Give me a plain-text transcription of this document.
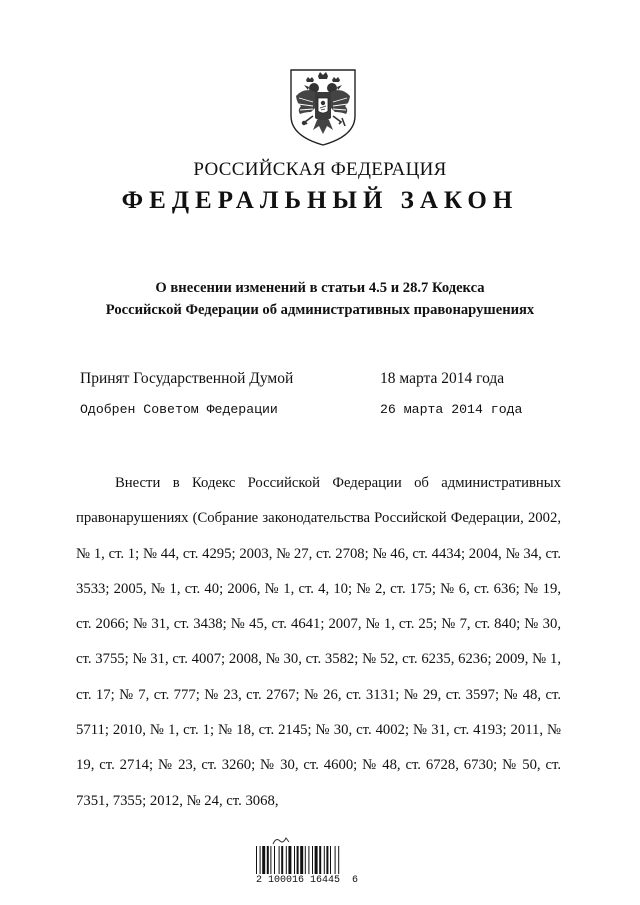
РОССИЙСКАЯ ФЕДЕРАЦИЯ
ФЕДЕРАЛЬНЫЙ ЗАКОН
О внесении изменений в статьи 4.5 и 28.7 Кодекса
Российской Федерации об административных правонарушениях
Принят Государственной Думой	18 марта 2014 года
Одобрен Советом Федерации	26 марта 2014 года

Внести в Кодекс Российской Федерации об административных правонарушениях (Собрание законодательства Российской Федерации, 2002, № 1, ст. 1; № 44, ст. 4295; 2003, № 27, ст. 2708; № 46, ст. 4434; 2004, № 34, ст. 3533; 2005, № 1, ст. 40; 2006, № 1, ст. 4, 10; № 2, ст. 175; № 6, ст. 636; № 19, ст. 2066; № 31, ст. 3438; № 45, ст. 4641; 2007, № 1, ст. 25; № 7, ст. 840; № 30, ст. 3755; № 31, ст. 4007; 2008, № 30, ст. 3582; № 52, ст. 6235, 6236; 2009, № 1, ст. 17; № 7, ст. 777; № 23, ст. 2767; № 26, ст. 3131; № 29, ст. 3597; № 48, ст. 5711; 2010, № 1, ст. 1; № 18, ст. 2145; № 30, ст. 4002; № 31, ст. 4193; 2011, № 19, ст. 2714; № 23, ст. 3260; № 30, ст. 4600; № 48, ст. 6728, 6730; № 50, ст. 7351, 7355; 2012, № 24, ст. 3068,

2 100016 16445  6
